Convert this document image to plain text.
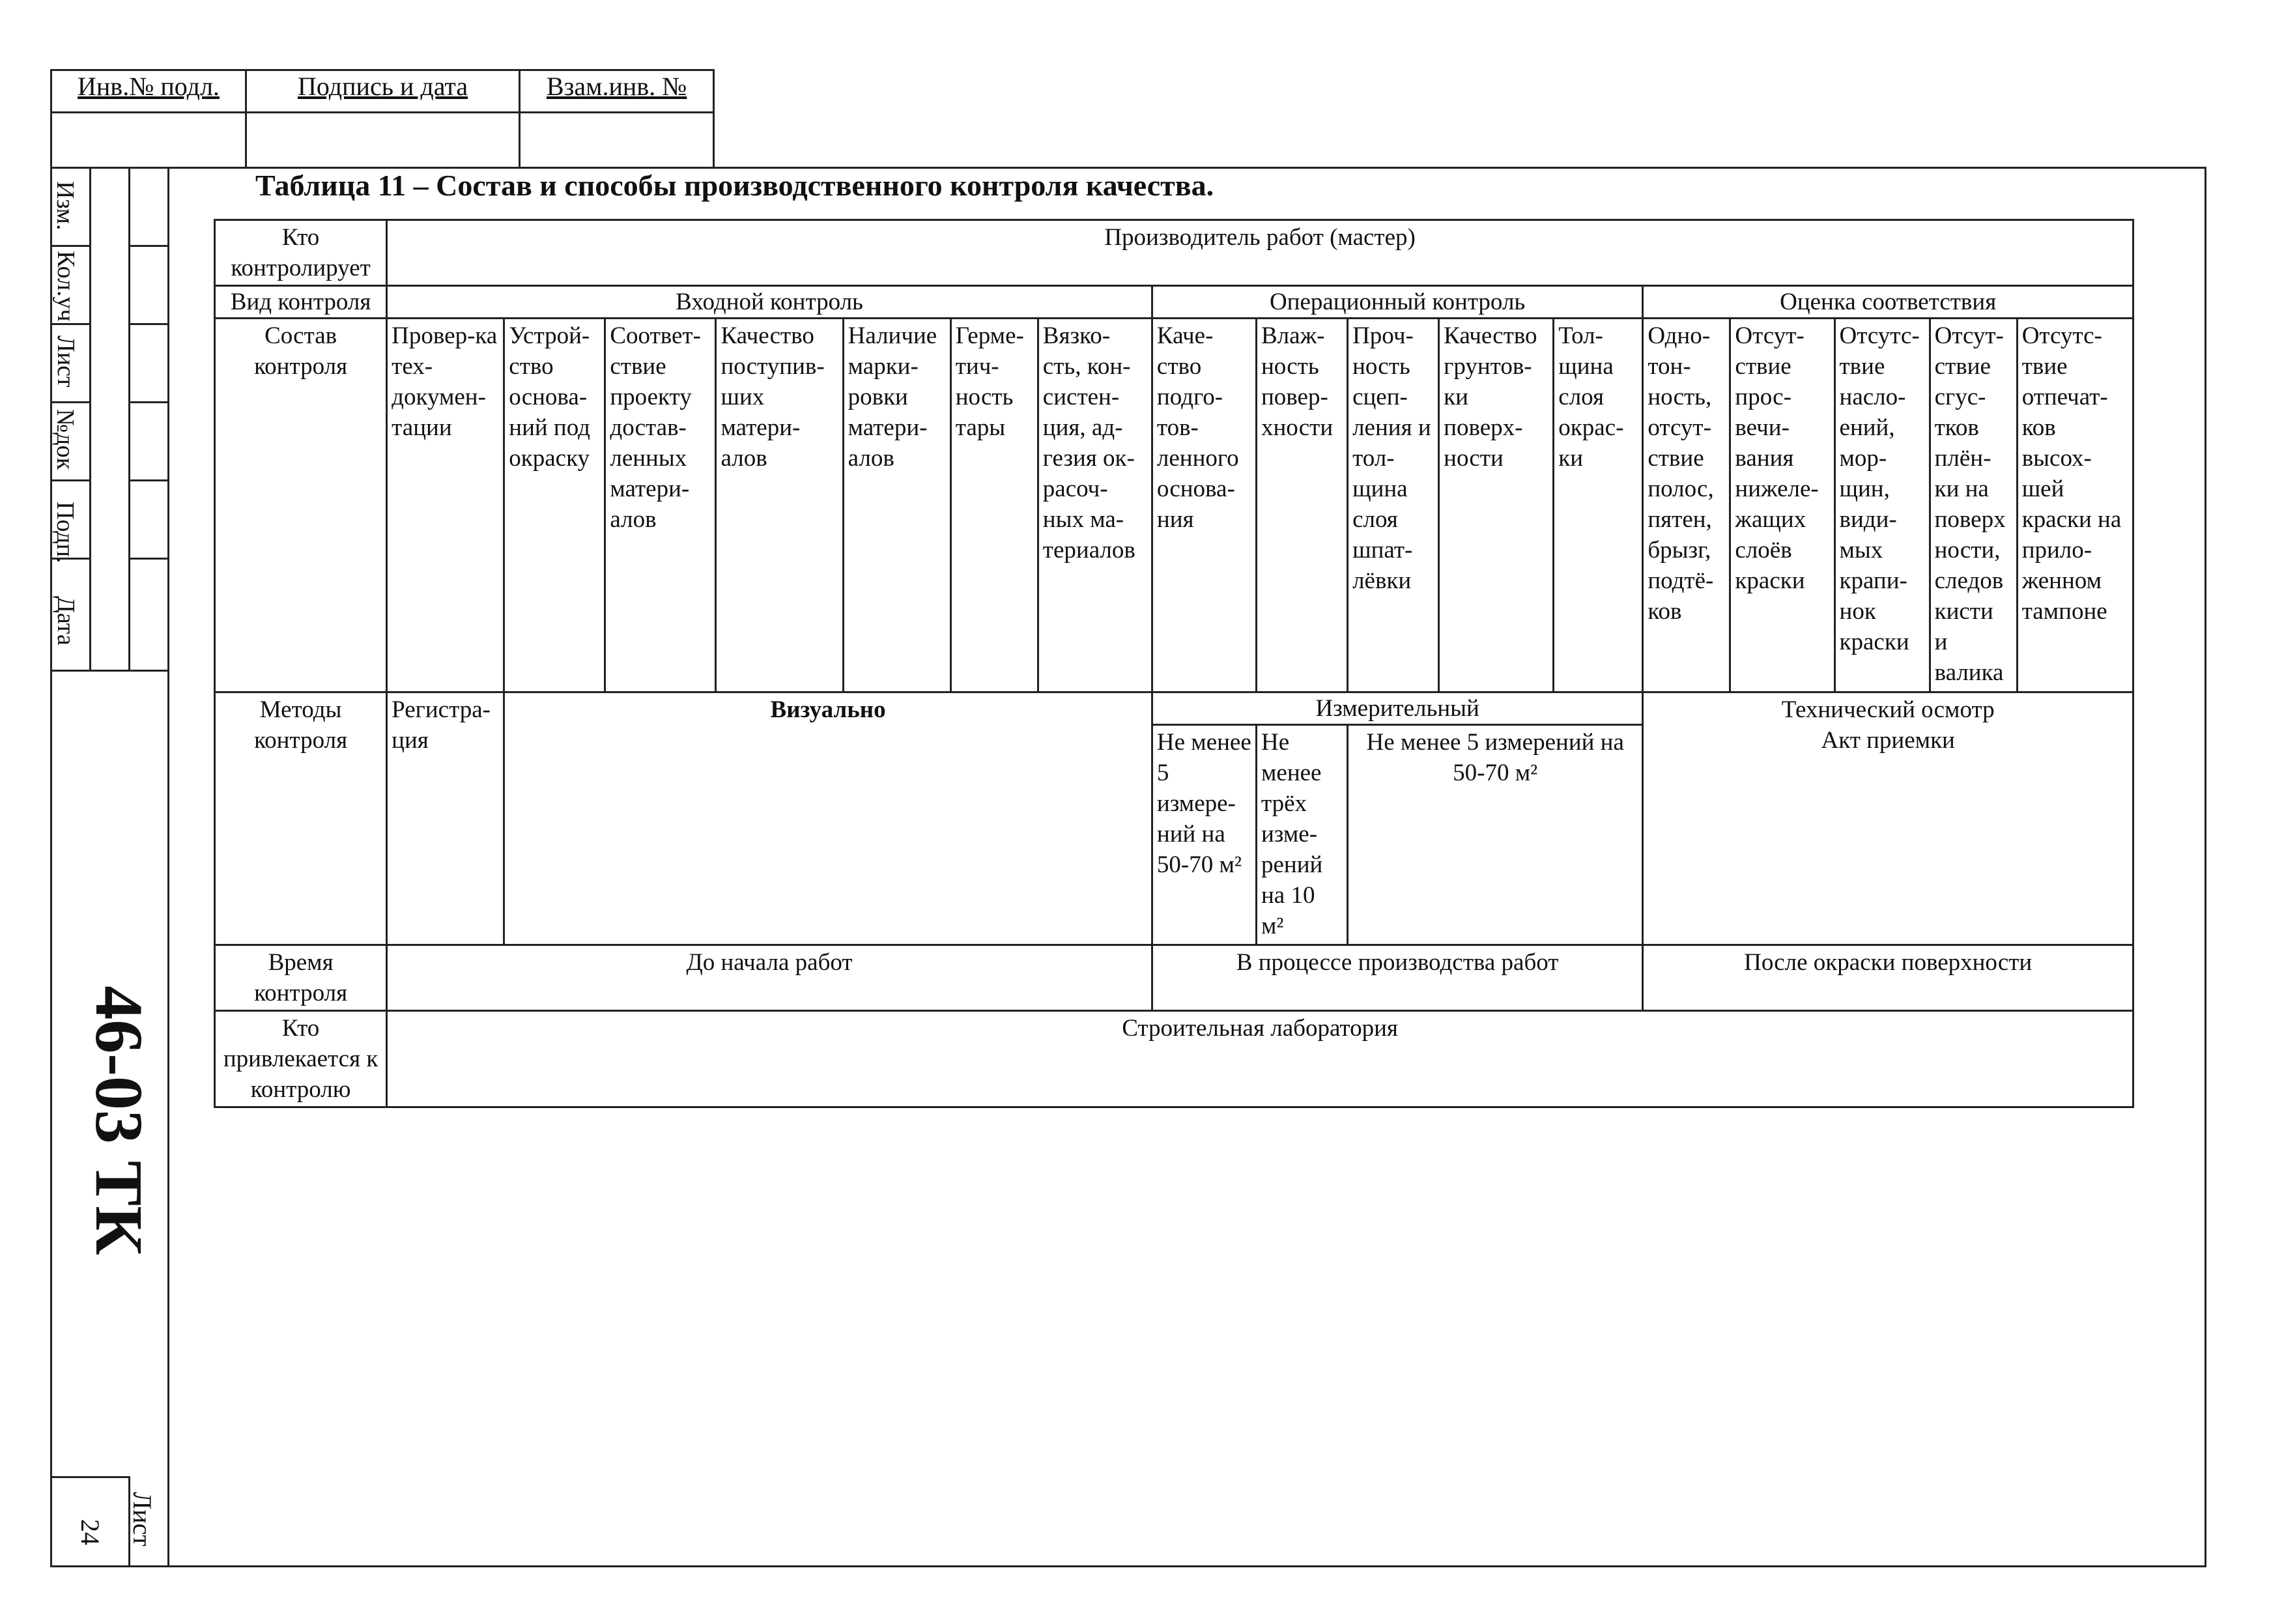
Инв.№ подл.	Подпись и дата	Взам.инв. №

Изм.
Кол.уч
Лист
№док
Подп.
Дата
46-03 ТК
Лист
24
Таблица 11 – Состав и способы производственного контроля качества.
Кто контролирует	Производитель работ (мастер)																
Вид контроля	Входной контроль							Операционный контроль					Оценка соответствия				
Состав контроля	Провер-ка тех-докумен-тации	Устрой-ство основа-ний под окраску	Соответ-ствие проекту достав-ленных матери-алов	Качество поступив-ших матери-алов	Наличие марки-ровки матери-алов	Герме-тич-ность тары	Вязко-сть, кон-систен-ция, ад-гезия ок-расоч-ных ма-териалов	Каче-ство подго-тов-ленного основа-ния	Влаж-ность повер-хности	Проч-ность сцеп-ления и тол-щина слоя шпат-лёвки	Качество грунтов-ки поверх-ности	Тол-щина слоя окрас-ки	Одно-тон-ность, отсут-ствие полос, пятен, брызг, подтё-ков	Отсут-ствие прос-вечи-вания нижеле-жащих слоёв краски	Отсутс-твие насло-ений, мор-щин, види-мых крапи-нок краски	Отсут-ствие сгус-тков плён-ки на поверх ности, следов кисти и валика	Отсутс-твие отпечат-ков высох-шей краски на прило-женном тампоне
Методы контроля	Регистра-ция	Визуально						Измерительный					Технический осмотр
Акт приемки				

								Не менее 5 измере-ний на 50-70 м²	Не менее трёх изме-рений на 10 м²	Не менее 5 измерений на 50-70 м²							
Время контроля	До начала работ							В процессе производства работ					После окраски поверхности				
Кто привлекается к контролю	Строительная лаборатория																
